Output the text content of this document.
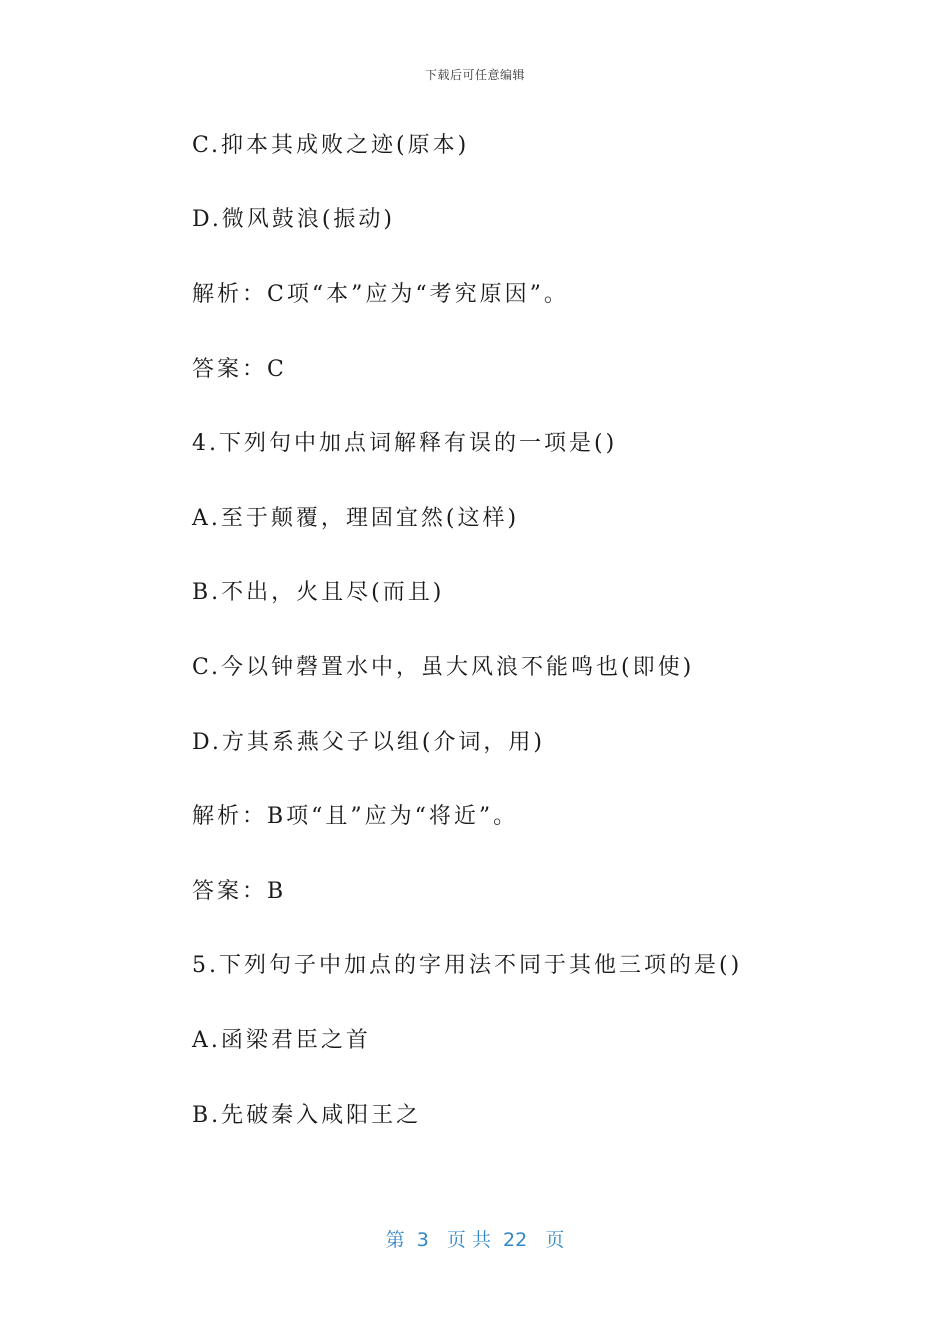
下载后可任意编辑
C.抑本其成败之迹(原本)
D.微风鼓浪(振动)
解析：C项“本”应为“考究原因”。
答案：C
4.下列句中加点词解释有误的一项是()
A.至于颠覆，理固宜然(这样)
B.不出，火且尽(而且)
C.今以钟磬置水中，虽大风浪不能鸣也(即使)
D.方其系燕父子以组(介词，用)
解析：B项“且”应为“将近”。
答案：B
5.下列句子中加点的字用法不同于其他三项的是()
A.函梁君臣之首
B.先破秦入咸阳王之
第  3   页 共  22   页
